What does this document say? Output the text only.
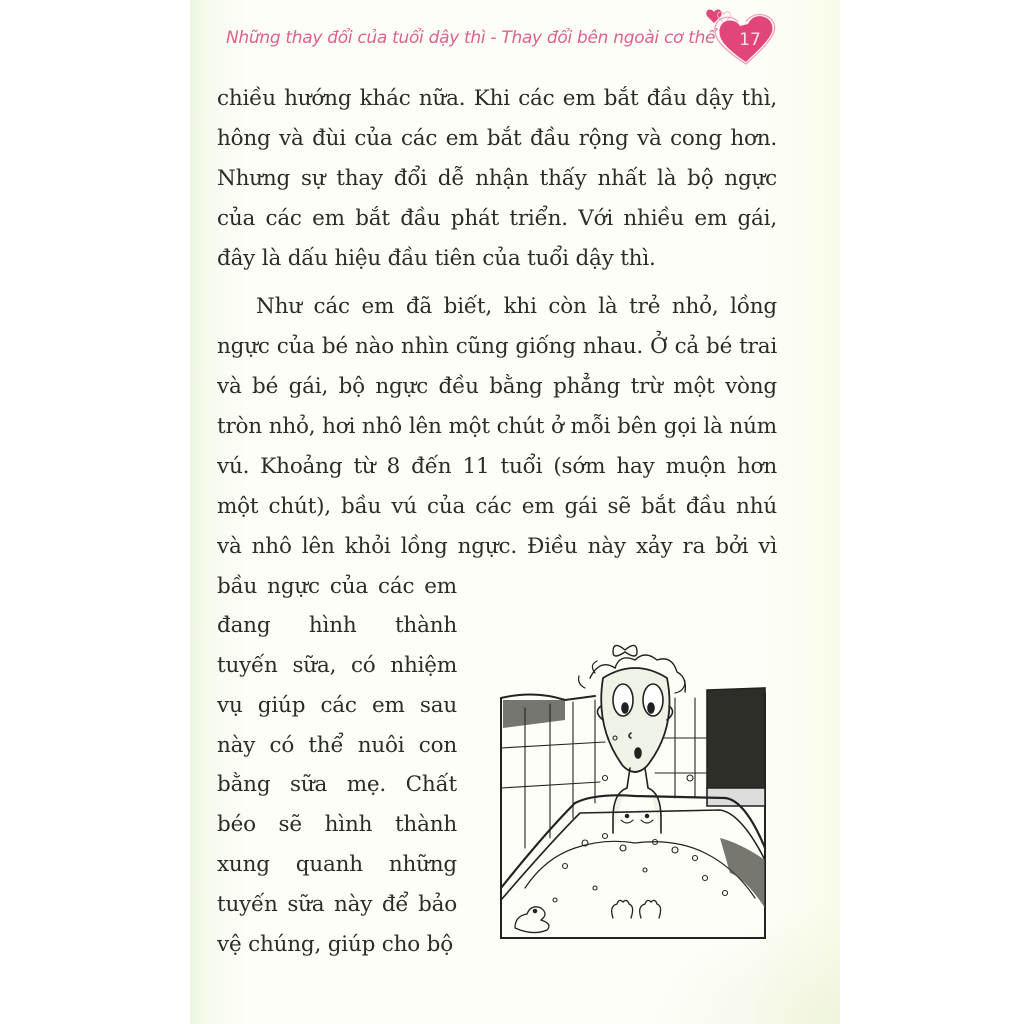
Những thay đổi của tuổi dậy thì - Thay đổi bên ngoài cơ thể 17
chiều hướng khác nữa. Khi các em bắt đầu dậy thì,
hông và đùi của các em bắt đầu rộng và cong hơn.
Nhưng sự thay đổi dễ nhận thấy nhất là bộ ngực
của các em bắt đầu phát triển. Với nhiều em gái,
đây là dấu hiệu đầu tiên của tuổi dậy thì.
Như các em đã biết, khi còn là trẻ nhỏ, lồng
ngực của bé nào nhìn cũng giống nhau. Ở cả bé trai
và bé gái, bộ ngực đều bằng phẳng trừ một vòng
tròn nhỏ, hơi nhô lên một chút ở mỗi bên gọi là núm
vú. Khoảng từ 8 đến 11 tuổi (sớm hay muộn hơn
một chút), bầu vú của các em gái sẽ bắt đầu nhú
và nhô lên khỏi lồng ngực. Điều này xảy ra bởi vì
bầu ngực của các em
đang hình thành
tuyến sữa, có nhiệm
vụ giúp các em sau
này có thể nuôi con
bằng sữa mẹ. Chất
béo sẽ hình thành
xung quanh những
tuyến sữa này để bảo
vệ chúng, giúp cho bộ
